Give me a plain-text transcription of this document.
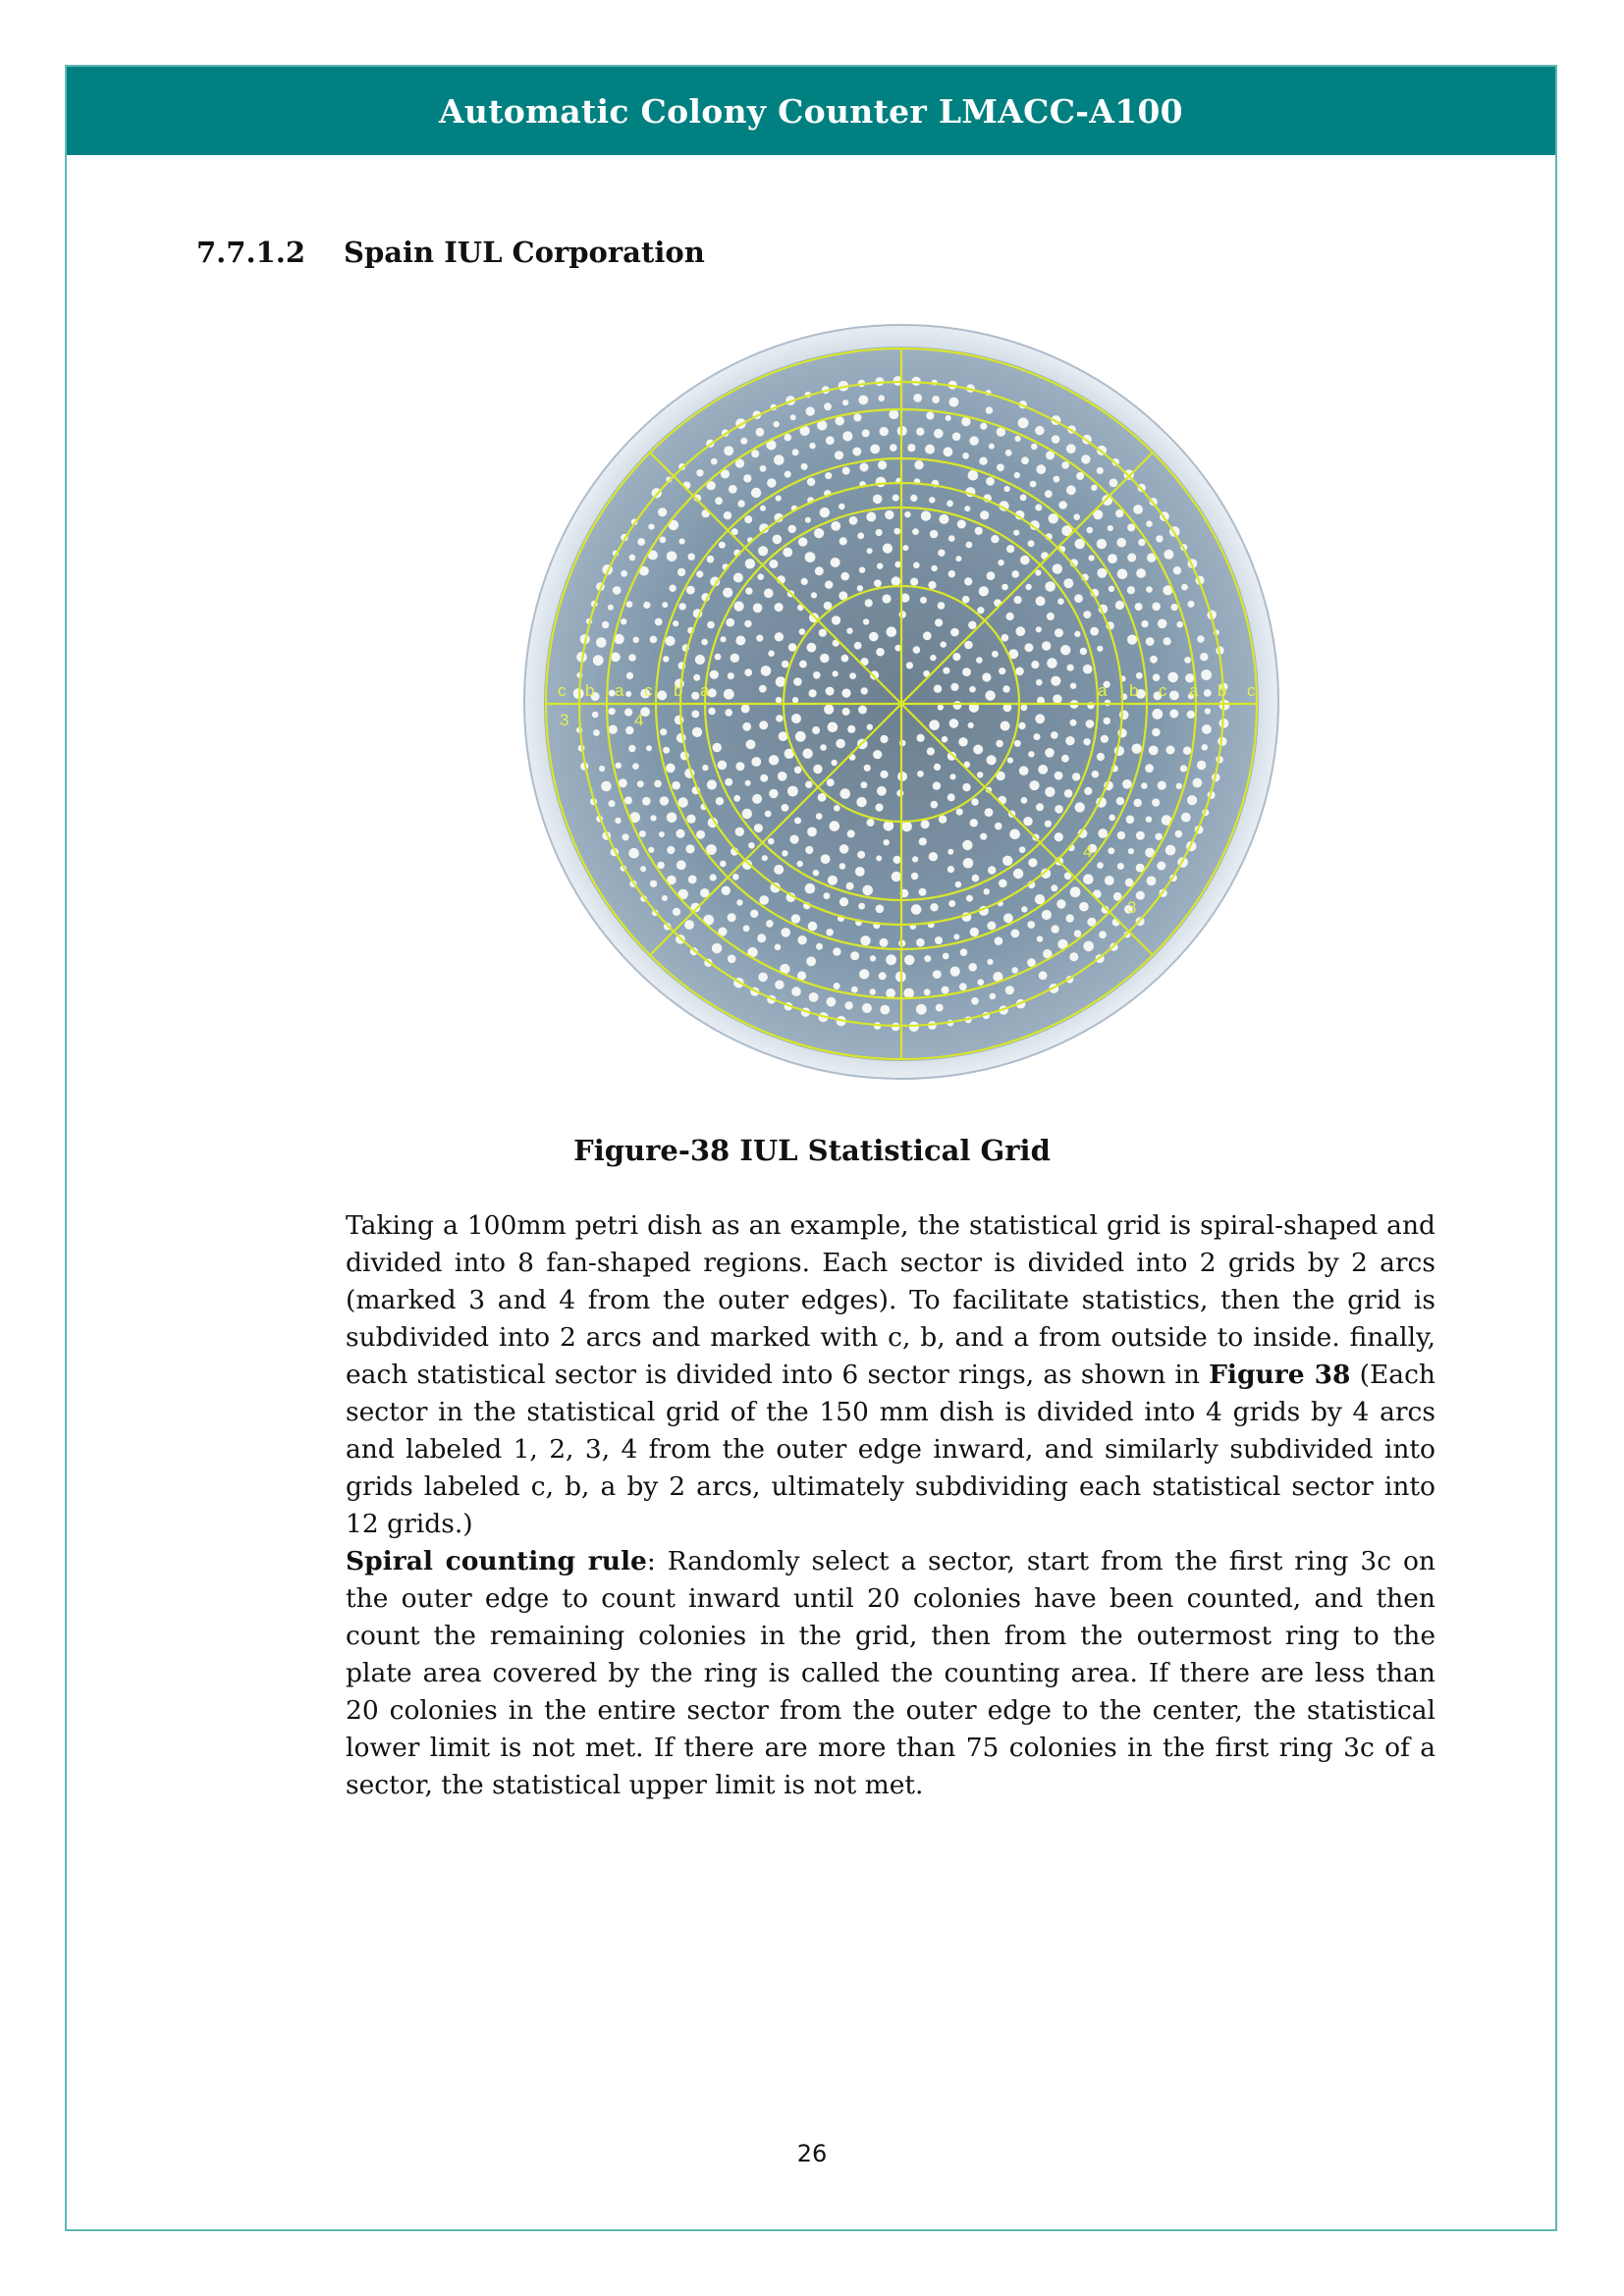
Automatic Colony Counter LMACC-A100
7.7.1.2	Spain IUL Corporation
c b a c b a	a b c a b c
3	4
4
3
Figure-38 IUL Statistical Grid

Taking a 100mm petri dish as an example, the statistical grid is spiral-shaped and divided into 8 fan-shaped regions. Each sector is divided into 2 grids by 2 arcs (marked 3 and 4 from the outer edges). To facilitate statistics, then the grid is subdivided into 2 arcs and marked with c, b, and a from outside to inside. finally, each statistical sector is divided into 6 sector rings, as shown in Figure 38 (Each sector in the statistical grid of the 150 mm dish is divided into 4 grids by 4 arcs and labeled 1, 2, 3, 4 from the outer edge inward, and similarly subdivided into grids labeled c, b, a by 2 arcs, ultimately subdividing each statistical sector into 12 grids.)

Spiral counting rule: Randomly select a sector, start from the first ring 3c on the outer edge to count inward until 20 colonies have been counted, and then count the remaining colonies in the grid, then from the outermost ring to the plate area covered by the ring is called the counting area. If there are less than 20 colonies in the entire sector from the outer edge to the center, the statistical lower limit is not met. If there are more than 75 colonies in the first ring 3c of a sector, the statistical upper limit is not met.

26
